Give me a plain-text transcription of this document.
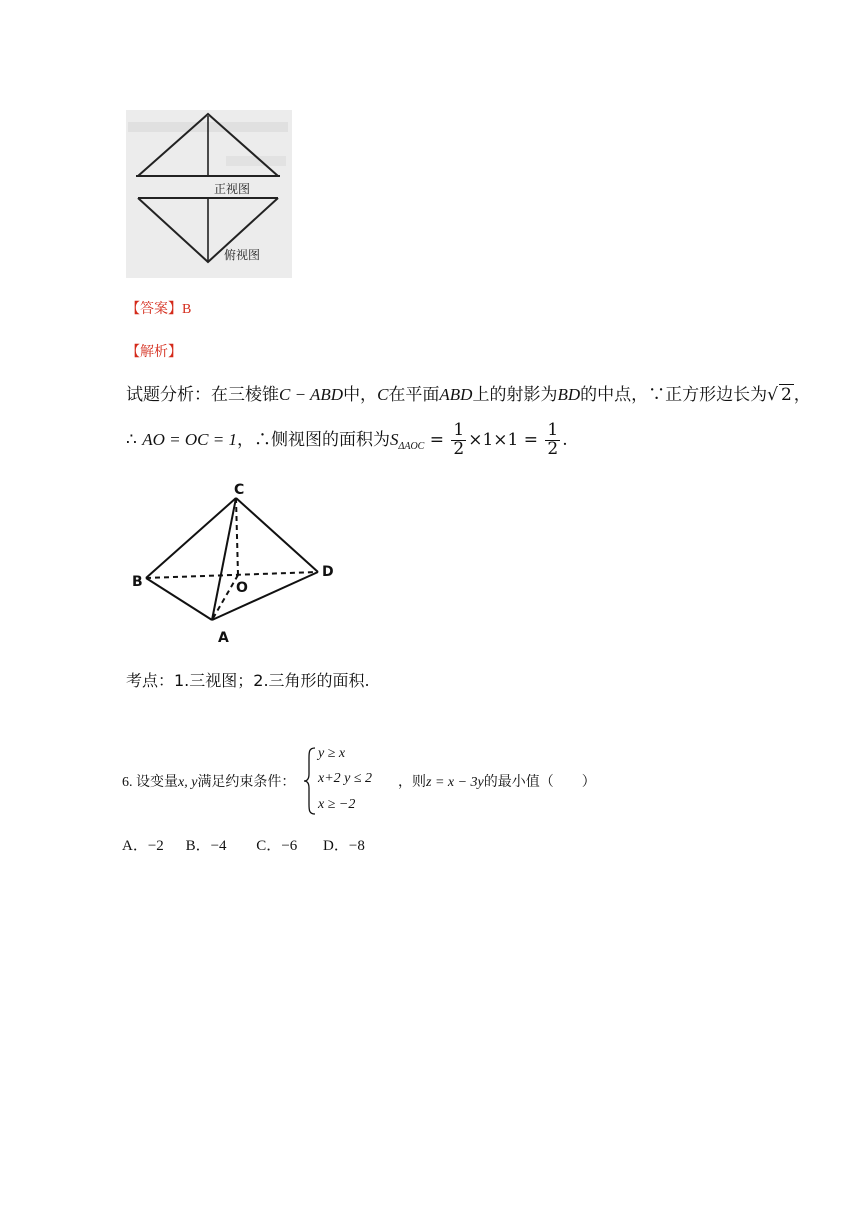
正视图
俯视图
【答案】B
【解析】
试题分析：在三棱锥C − ABD中，C在平面ABD上的射影为BD的中点，∵正方形边长为√ 2 ，
∴ AO = OC = 1，∴侧视图的面积为$S_{\Delta AOC} = \frac{1}{2} \times 1\times 1 = \frac{1}{2}$ .
C
B	O
D
A
考点：1.三视图；2.三角形的面积.
6. 设变量x, y满足约束条件：
y ≥ x
x+2 y ≤ 2
x ≥ −2
，则z = x − 3y的最小值（　　）
A．−2 B．−4 C．−6 D．−8
